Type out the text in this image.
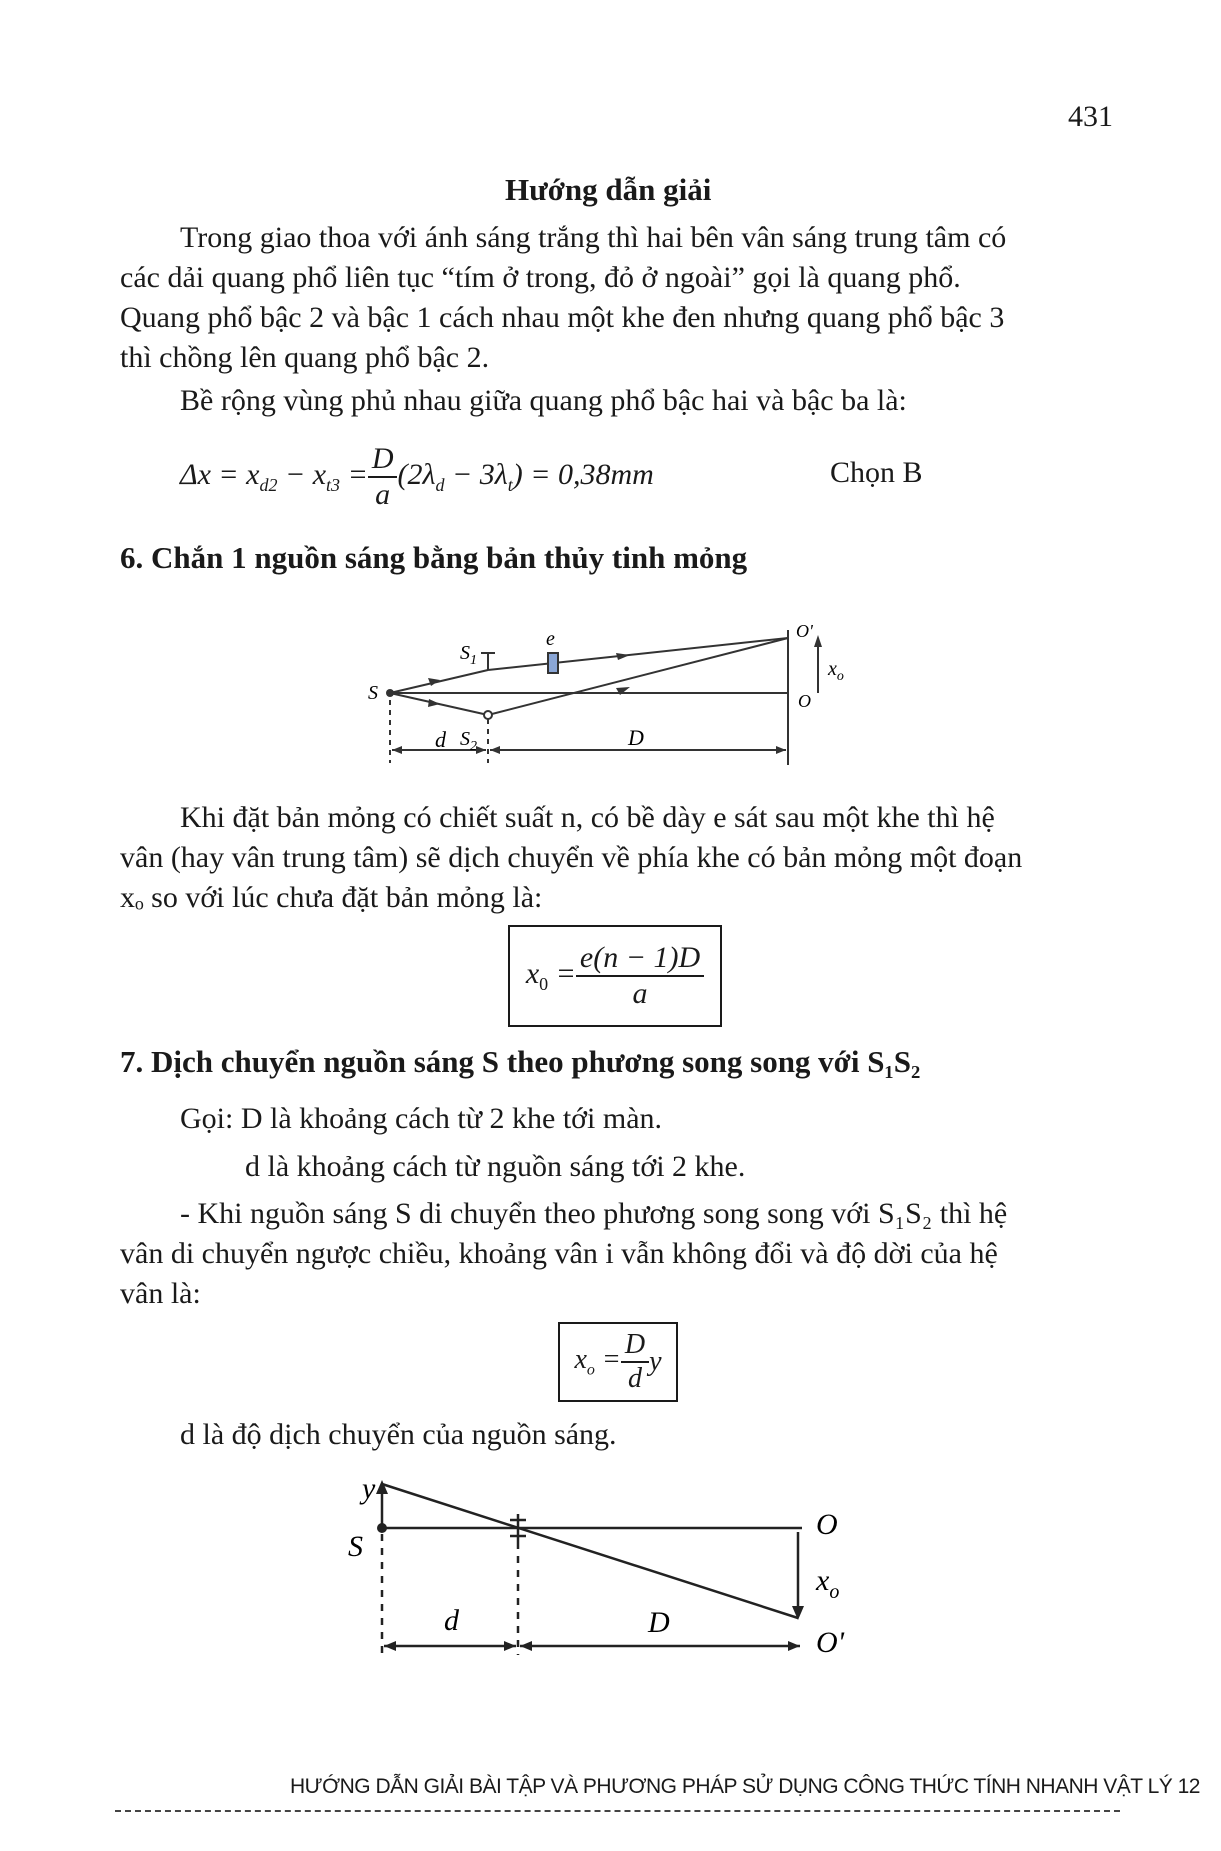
431
Hướng dẫn giải
Trong giao thoa với ánh sáng trắng thì hai bên vân sáng trung tâm có
các dải quang phổ liên tục “tím ở trong, đỏ ở ngoài” gọi là quang phổ.
Quang phổ bậc 2 và bậc 1 cách nhau một khe đen nhưng quang phổ bậc 3
thì chồng lên quang phổ bậc 2.
Bề rộng vùng phủ nhau giữa quang phổ bậc hai và bậc ba là:
$\Delta x = x_{d2} - x_{t3} = \frac{D}{a} (2\lambda_d - 3\lambda_t) = 0,38mm$	Chọn B
6. Chắn 1 nguồn sáng bằng bản thủy tinh mỏng
S
$S_1$
$S_2$
e	O'
O
$x_o$
d	D
Khi đặt bản mỏng có chiết suất n, có bề dày e sát sau một khe thì hệ
vân (hay vân trung tâm) sẽ dịch chuyển về phía khe có bản mỏng một đoạn
xₒ so với lúc chưa đặt bản mỏng là:
$x_0 = \frac{e(n - 1)D}{a}$
7. Dịch chuyển nguồn sáng S theo phương song song với S₁S₂
Gọi: D là khoảng cách từ 2 khe tới màn.
d là khoảng cách từ nguồn sáng tới 2 khe.
- Khi nguồn sáng S di chuyển theo phương song song với S₁S₂ thì hệ
vân di chuyển ngược chiều, khoảng vân i vẫn không đổi và độ dời của hệ
vân là:
$x_o = \frac{D}{d}$ y
d là độ dịch chuyển của nguồn sáng.
y
S
O
$x_o$
d	D
O'
HƯỚNG DẪN GIẢI BÀI TẬP VÀ PHƯƠNG PHÁP SỬ DỤNG CÔNG THỨC TÍNH NHANH VẬT LÝ 12
